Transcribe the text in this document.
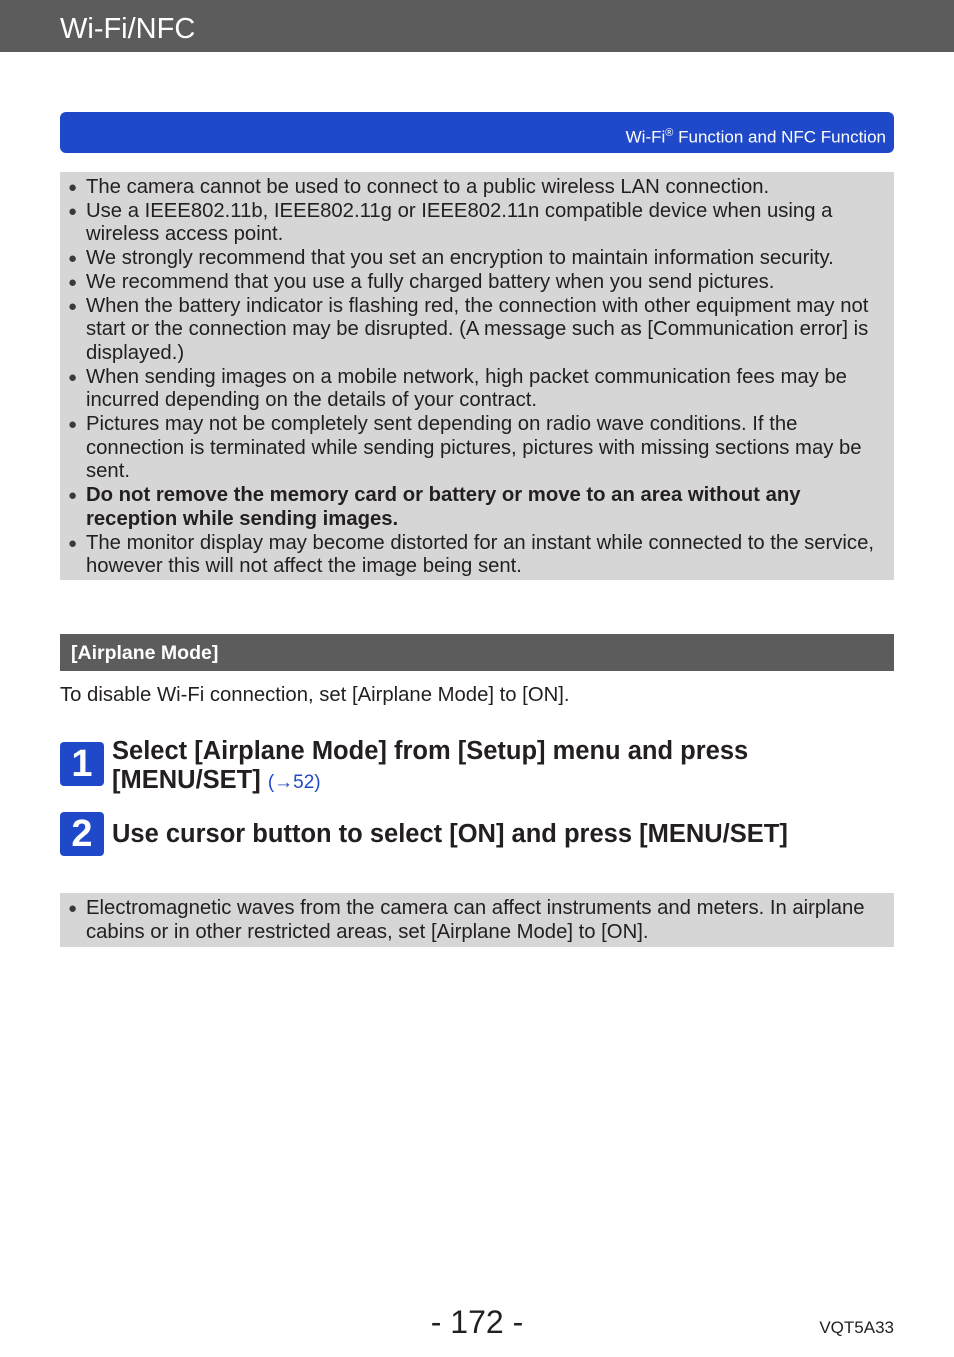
Wi-Fi/NFC
Wi-Fi® Function and NFC Function
● The camera cannot be used to connect to a public wireless LAN connection.
● Use a IEEE802.11b, IEEE802.11g or IEEE802.11n compatible device when using a wireless access point.
● We strongly recommend that you set an encryption to maintain information security.
● We recommend that you use a fully charged battery when you send pictures.
● When the battery indicator is flashing red, the connection with other equipment may not start or the connection may be disrupted. (A message such as [Communication error] is displayed.)
● When sending images on a mobile network, high packet communication fees may be incurred depending on the details of your contract.
● Pictures may not be completely sent depending on radio wave conditions. If the connection is terminated while sending pictures, pictures with missing sections may be sent.
● Do not remove the memory card or battery or move to an area without any reception while sending images.
● The monitor display may become distorted for an instant while connected to the service, however this will not affect the image being sent.
[Airplane Mode]
To disable Wi-Fi connection, set [Airplane Mode] to [ON].
1 Select [Airplane Mode] from [Setup] menu and press [MENU/SET] (→52)
2 Use cursor button to select [ON] and press [MENU/SET]
● Electromagnetic waves from the camera can affect instruments and meters. In airplane cabins or in other restricted areas, set [Airplane Mode] to [ON].
- 172 -	VQT5A33
